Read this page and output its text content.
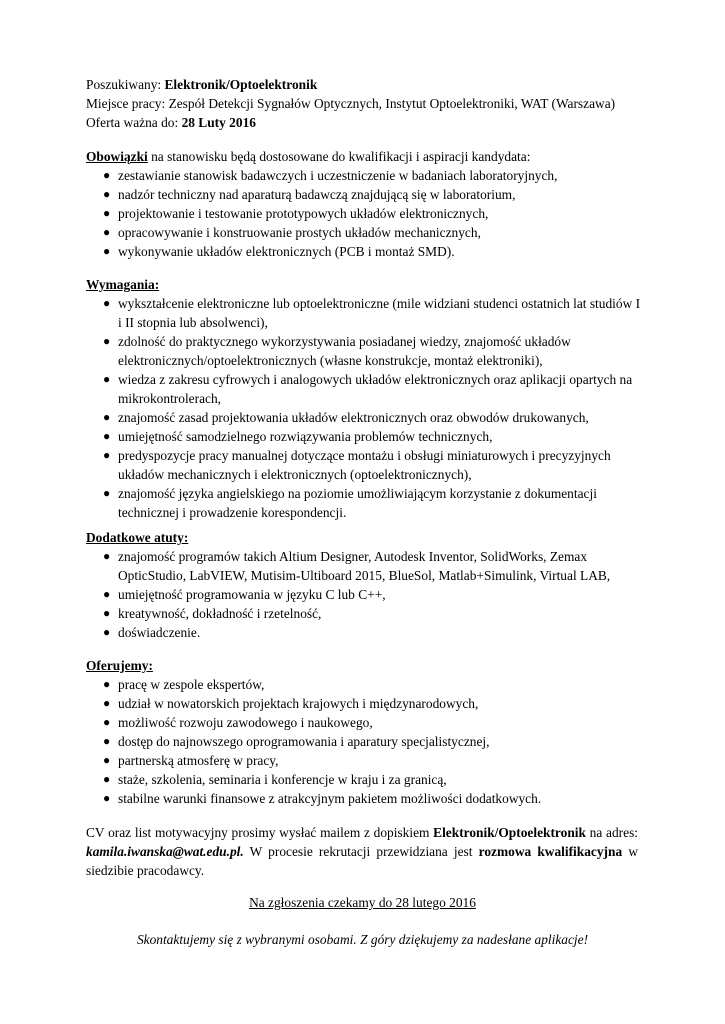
Poszukiwany: Elektronik/Optoelektronik
Miejsce pracy: Zespół Detekcji Sygnałów Optycznych, Instytut Optoelektroniki, WAT (Warszawa)
Oferta ważna do: 28 Luty 2016
Obowiązki na stanowisku będą dostosowane do kwalifikacji i aspiracji kandydata:
● zestawianie stanowisk badawczych i uczestniczenie w badaniach laboratoryjnych,
● nadzór techniczny nad aparaturą badawczą znajdującą się w laboratorium,
● projektowanie i testowanie prototypowych układów elektronicznych,
● opracowywanie i konstruowanie prostych układów mechanicznych,
● wykonywanie układów elektronicznych (PCB i montaż SMD).
Wymagania:
● wykształcenie elektroniczne lub optoelektroniczne (mile widziani studenci ostatnich lat studiów I i II stopnia lub absolwenci),
● zdolność do praktycznego wykorzystywania posiadanej wiedzy, znajomość układów elektronicznych/optoelektronicznych (własne konstrukcje, montaż elektroniki),
● wiedza z zakresu cyfrowych i analogowych układów elektronicznych oraz aplikacji opartych na mikrokontrolerach,
● znajomość zasad projektowania układów elektronicznych oraz obwodów drukowanych,
● umiejętność samodzielnego rozwiązywania problemów technicznych,
● predyspozycje pracy manualnej dotyczące montażu i obsługi miniaturowych i precyzyjnych układów mechanicznych i elektronicznych (optoelektronicznych),
● znajomość języka angielskiego na poziomie umożliwiającym korzystanie z dokumentacji technicznej i prowadzenie korespondencji.
Dodatkowe atuty:
● znajomość programów takich Altium Designer, Autodesk Inventor, SolidWorks, Zemax OpticStudio, LabVIEW, Mutisim-Ultiboard 2015, BlueSol, Matlab+Simulink, Virtual LAB,
● umiejętność programowania w języku C lub C++,
● kreatywność, dokładność i rzetelność,
● doświadczenie.
Oferujemy:
● pracę w zespole ekspertów,
● udział w nowatorskich projektach krajowych i międzynarodowych,
● możliwość rozwoju zawodowego i naukowego,
● dostęp do najnowszego oprogramowania i aparatury specjalistycznej,
● partnerską atmosferę w pracy,
● staże, szkolenia, seminaria i konferencje w kraju i za granicą,
● stabilne warunki finansowe z atrakcyjnym pakietem możliwości dodatkowych.
CV oraz list motywacyjny prosimy wysłać mailem z dopiskiem Elektronik/Optoelektronik na adres: kamila.iwanska@wat.edu.pl. W procesie rekrutacji przewidziana jest rozmowa kwalifikacyjna w siedzibie pracodawcy.
Na zgłoszenia czekamy do 28 lutego 2016
Skontaktujemy się z wybranymi osobami. Z góry dziękujemy za nadesłane aplikacje!
